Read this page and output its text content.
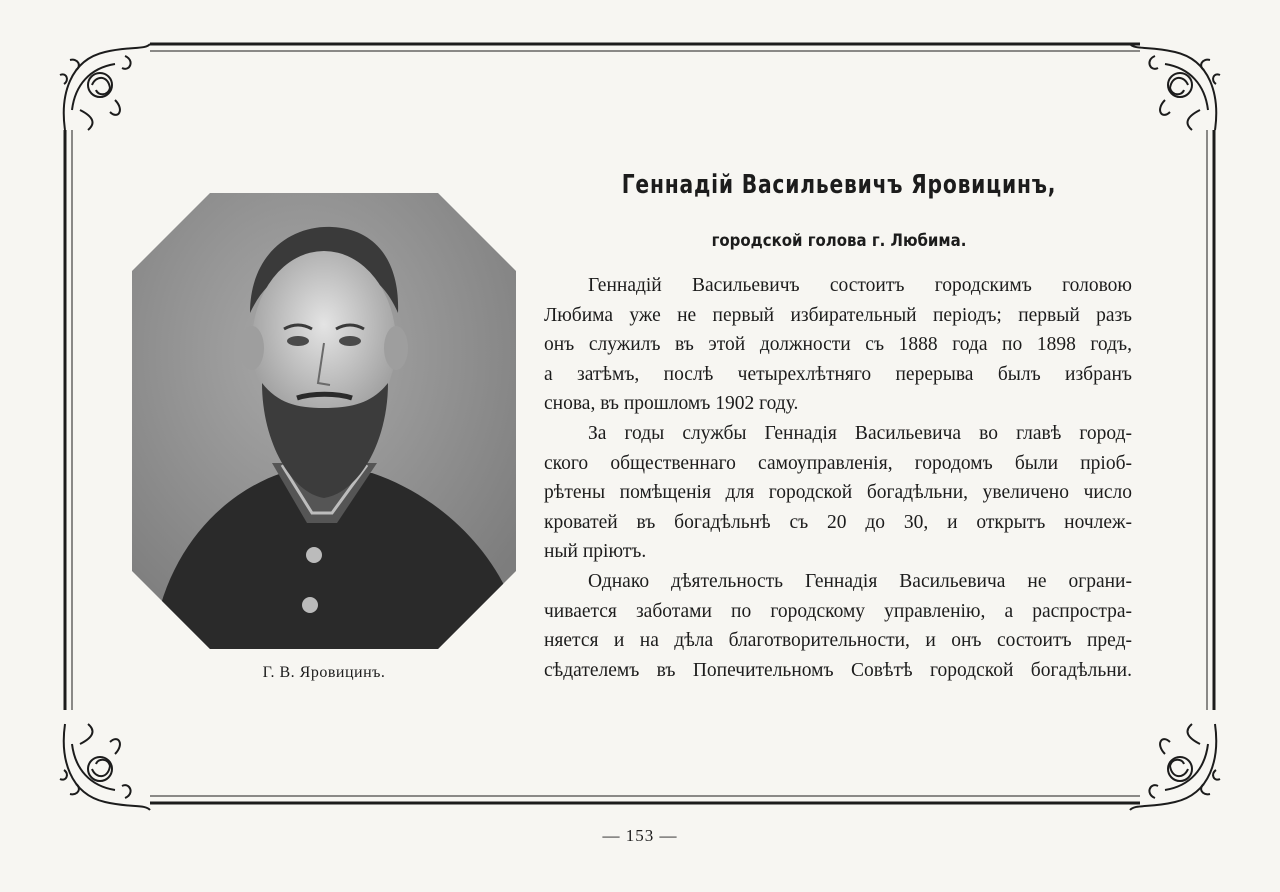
Г. В. Яровицинъ.
Геннадій Васильевичъ Яровицинъ,
городской голова г. Любима.

Геннадій Васильевичъ состоитъ городскимъ головою
Любима уже не первый избирательный періодъ; первый разъ
онъ служилъ въ этой должности съ 1888 года по 1898 годъ,
а затѣмъ, послѣ четырехлѣтняго перерыва былъ избранъ
снова, въ прошломъ 1902 году.

За годы службы Геннадія Васильевича во главѣ город-
ского общественнаго самоуправленія, городомъ были пріоб-
рѣтены помѣщенія для городской богадѣльни, увеличено число
кроватей въ богадѣльнѣ съ 20 до 30, и открытъ ночлеж-
ный пріютъ.

Однако дѣятельность Геннадія Васильевича не ограни-
чивается заботами по городскому управленію, а распростра-
няется и на дѣла благотворительности, и онъ состоитъ пред-
сѣдателемъ въ Попечительномъ Совѣтѣ городской богадѣльни.

— 153 —
